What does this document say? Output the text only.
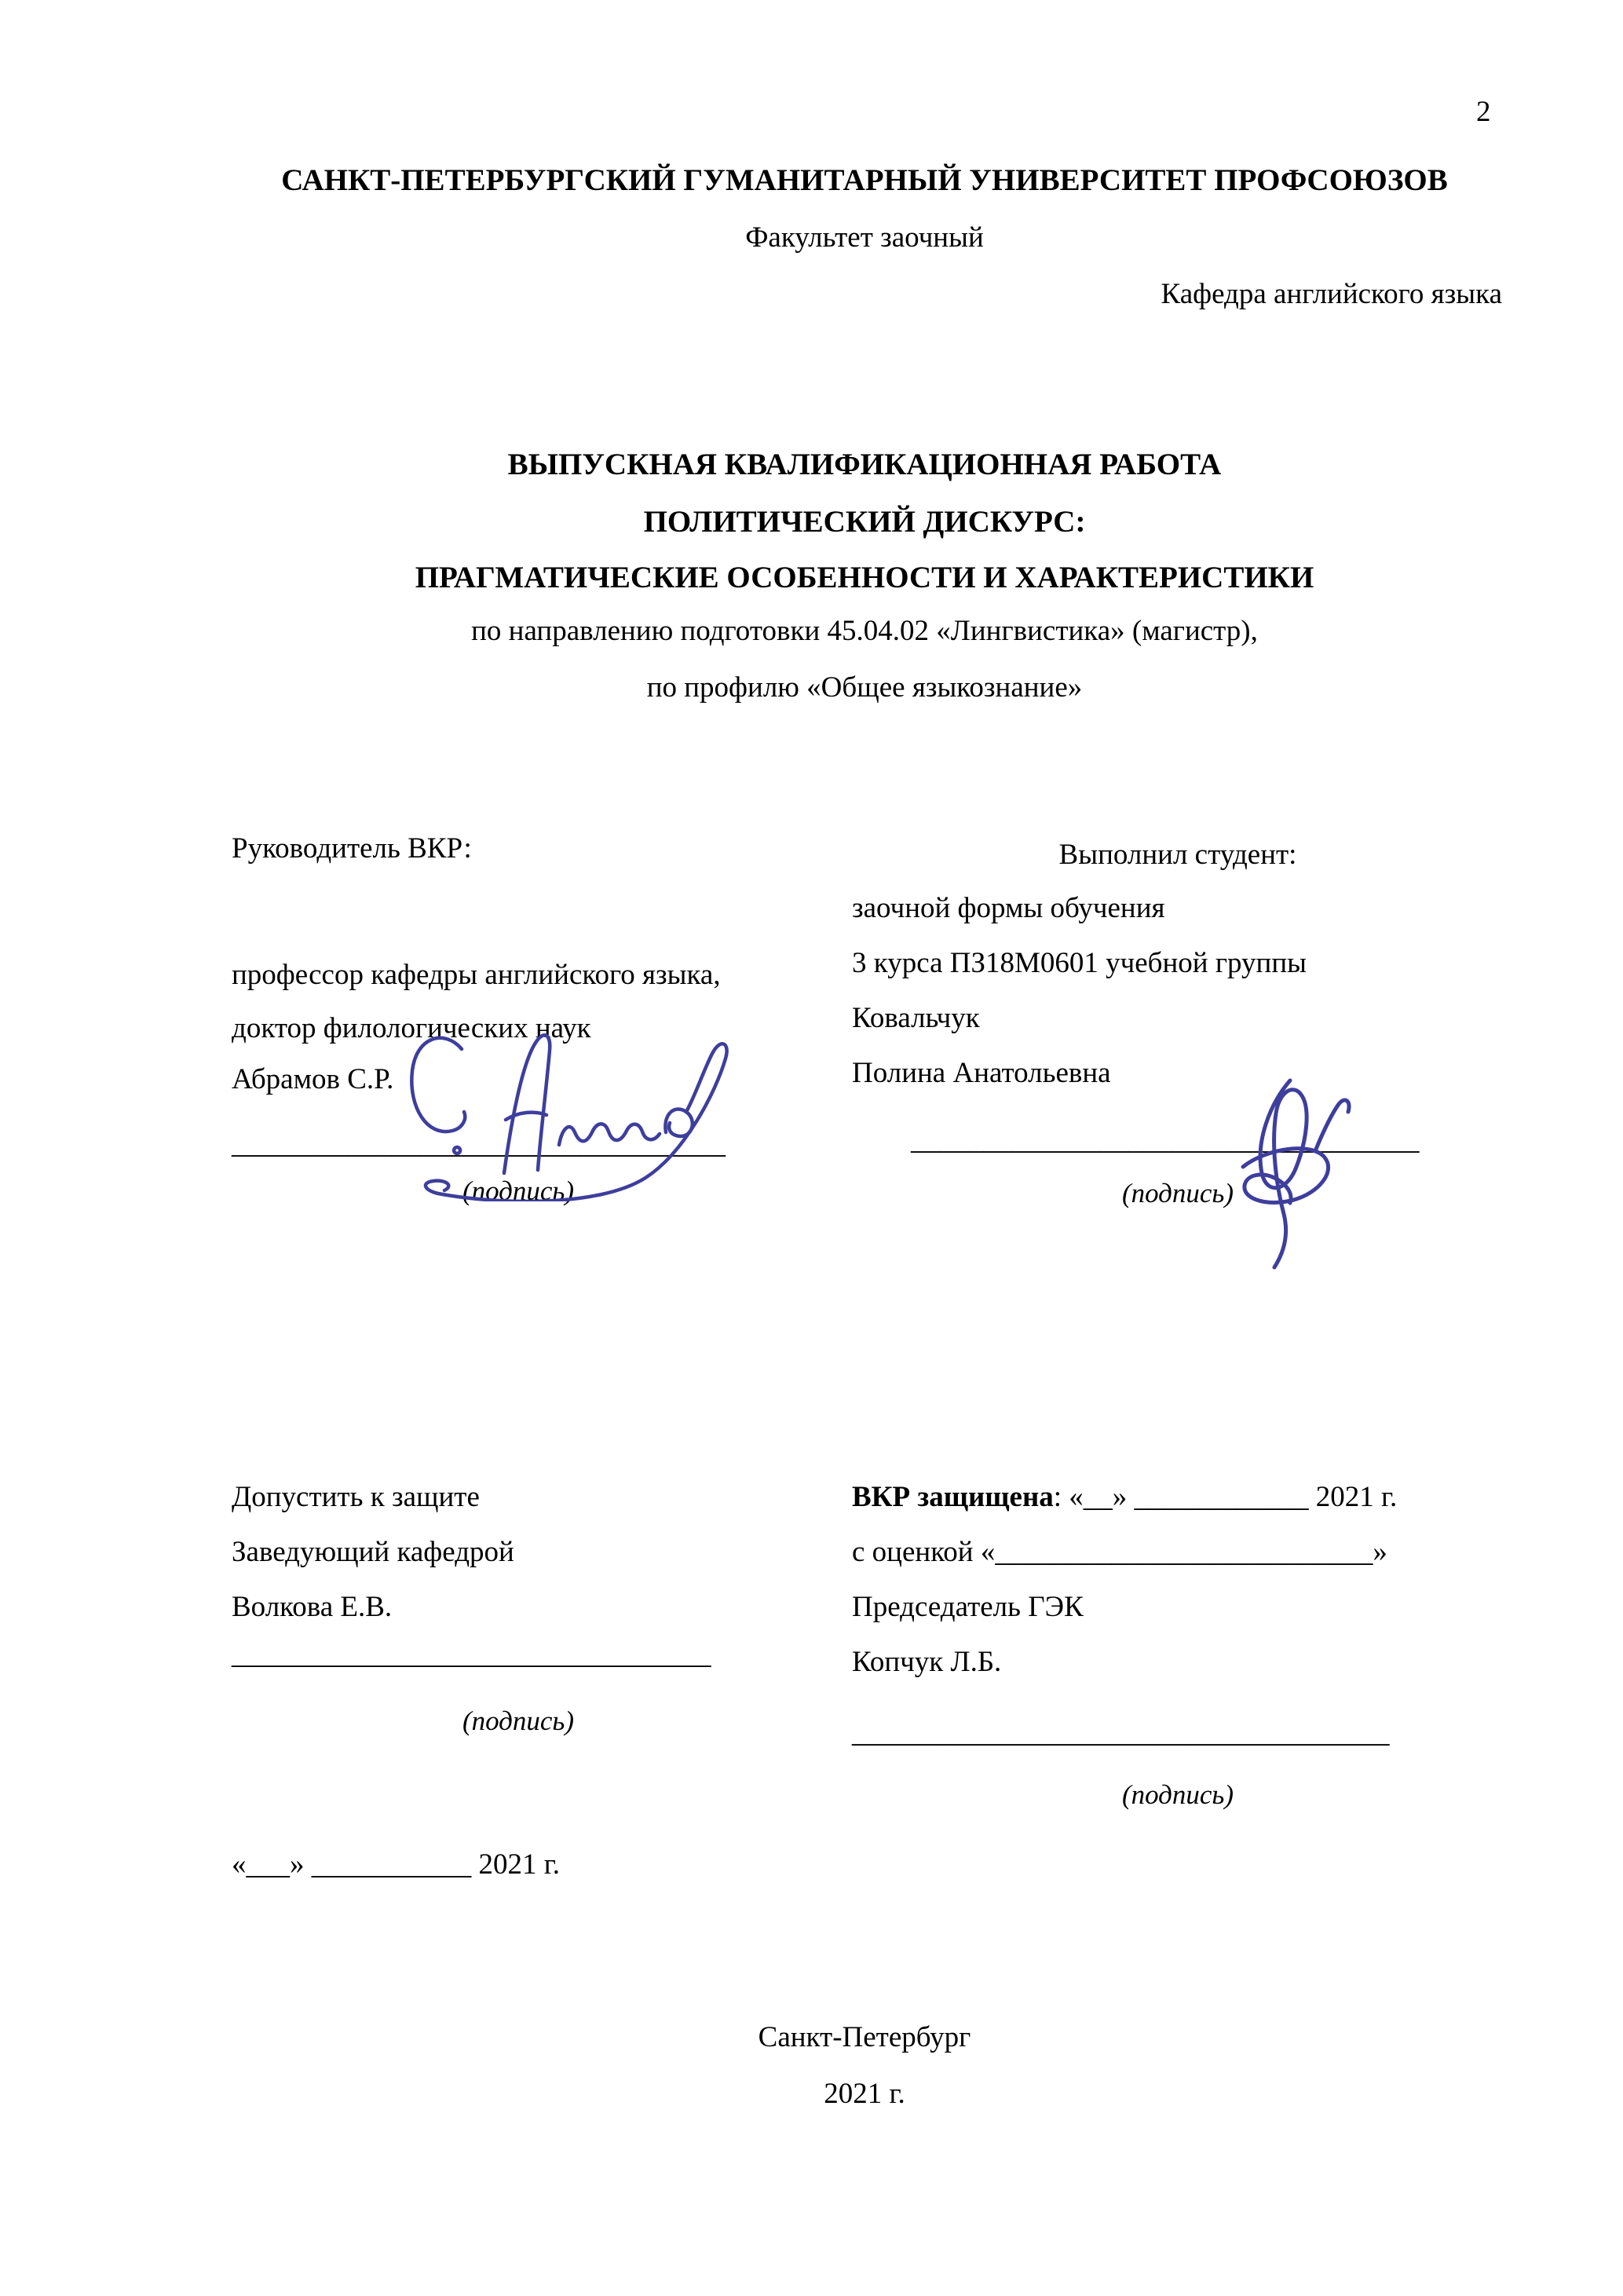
2
САНКТ-ПЕТЕРБУРГСКИЙ ГУМАНИТАРНЫЙ УНИВЕРСИТЕТ ПРОФСОЮЗОВ
Факультет заочный
Кафедра английского языка
ВЫПУСКНАЯ КВАЛИФИКАЦИОННАЯ РАБОТА
ПОЛИТИЧЕСКИЙ ДИСКУРС:
ПРАГМАТИЧЕСКИЕ ОСОБЕННОСТИ И ХАРАКТЕРИСТИКИ
по направлению подготовки 45.04.02 «Лингвистика» (магистр),
по профилю «Общее языкознание»
Руководитель ВКР:
профессор кафедры английского языка,
доктор филологических наук
Абрамов С.Р.
__________________________________
(подпись)
Выполнил студент:
заочной формы обучения
3 курса ПЗ18М0601 учебной группы
Ковальчук
Полина Анатольевна
___________________________________
(подпись)
Допустить к защите
Заведующий кафедрой
Волкова Е.В.
_________________________________
(подпись)
«___» ___________ 2021 г.
ВКР защищена: «__» ____________ 2021 г.
с оценкой «__________________________»
Председатель ГЭК
Копчук Л.Б.
_____________________________________
(подпись)
Санкт-Петербург
2021 г.
